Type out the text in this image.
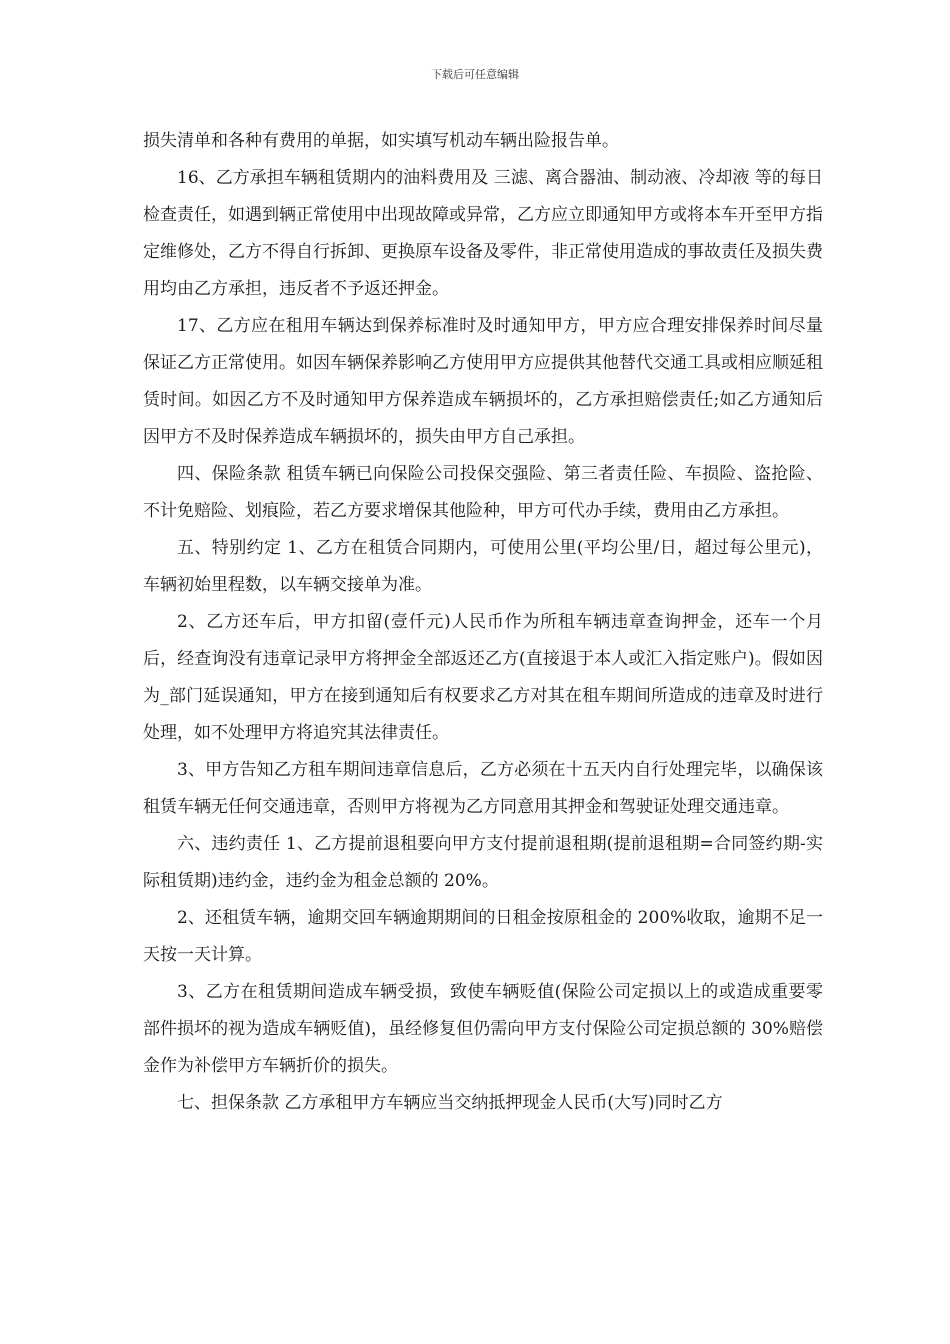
下载后可任意编辑

损失清单和各种有费用的单据，如实填写机动车辆出险报告单。

16、乙方承担车辆租赁期内的油料费用及 三滤、离合器油、制动液、冷却液 等的每日检查责任，如遇到辆正常使用中出现故障或异常，乙方应立即通知甲方或将本车开至甲方指定维修处，乙方不得自行拆卸、更换原车设备及零件，非正常使用造成的事故责任及损失费用均由乙方承担，违反者不予返还押金。

17、乙方应在租用车辆达到保养标准时及时通知甲方，甲方应合理安排保养时间尽量保证乙方正常使用。如因车辆保养影响乙方使用甲方应提供其他替代交通工具或相应顺延租赁时间。如因乙方不及时通知甲方保养造成车辆损坏的，乙方承担赔偿责任;如乙方通知后因甲方不及时保养造成车辆损坏的，损失由甲方自己承担。

四、保险条款 租赁车辆已向保险公司投保交强险、第三者责任险、车损险、盗抢险、不计免赔险、划痕险，若乙方要求增保其他险种，甲方可代办手续，费用由乙方承担。

五、特别约定 1、乙方在租赁合同期内，可使用公里(平均公里/日，超过每公里元)，车辆初始里程数，以车辆交接单为准。

2、乙方还车后，甲方扣留(壹仟元)人民币作为所租车辆违章查询押金，还车一个月后，经查询没有违章记录甲方将押金全部返还乙方(直接退于本人或汇入指定账户)。假如因为_部门延误通知，甲方在接到通知后有权要求乙方对其在租车期间所造成的违章及时进行处理，如不处理甲方将追究其法律责任。

3、甲方告知乙方租车期间违章信息后，乙方必须在十五天内自行处理完毕，以确保该租赁车辆无任何交通违章，否则甲方将视为乙方同意用其押金和驾驶证处理交通违章。

六、违约责任 1、乙方提前退租要向甲方支付提前退租期(提前退租期=合同签约期-实际租赁期)违约金，违约金为租金总额的 20%。

2、还租赁车辆，逾期交回车辆逾期期间的日租金按原租金的 200%收取，逾期不足一天按一天计算。

3、乙方在租赁期间造成车辆受损，致使车辆贬值(保险公司定损以上的或造成重要零部件损坏的视为造成车辆贬值)，虽经修复但仍需向甲方支付保险公司定损总额的 30%赔偿金作为补偿甲方车辆折价的损失。

七、担保条款 乙方承租甲方车辆应当交纳抵押现金人民币(大写)同时乙方
